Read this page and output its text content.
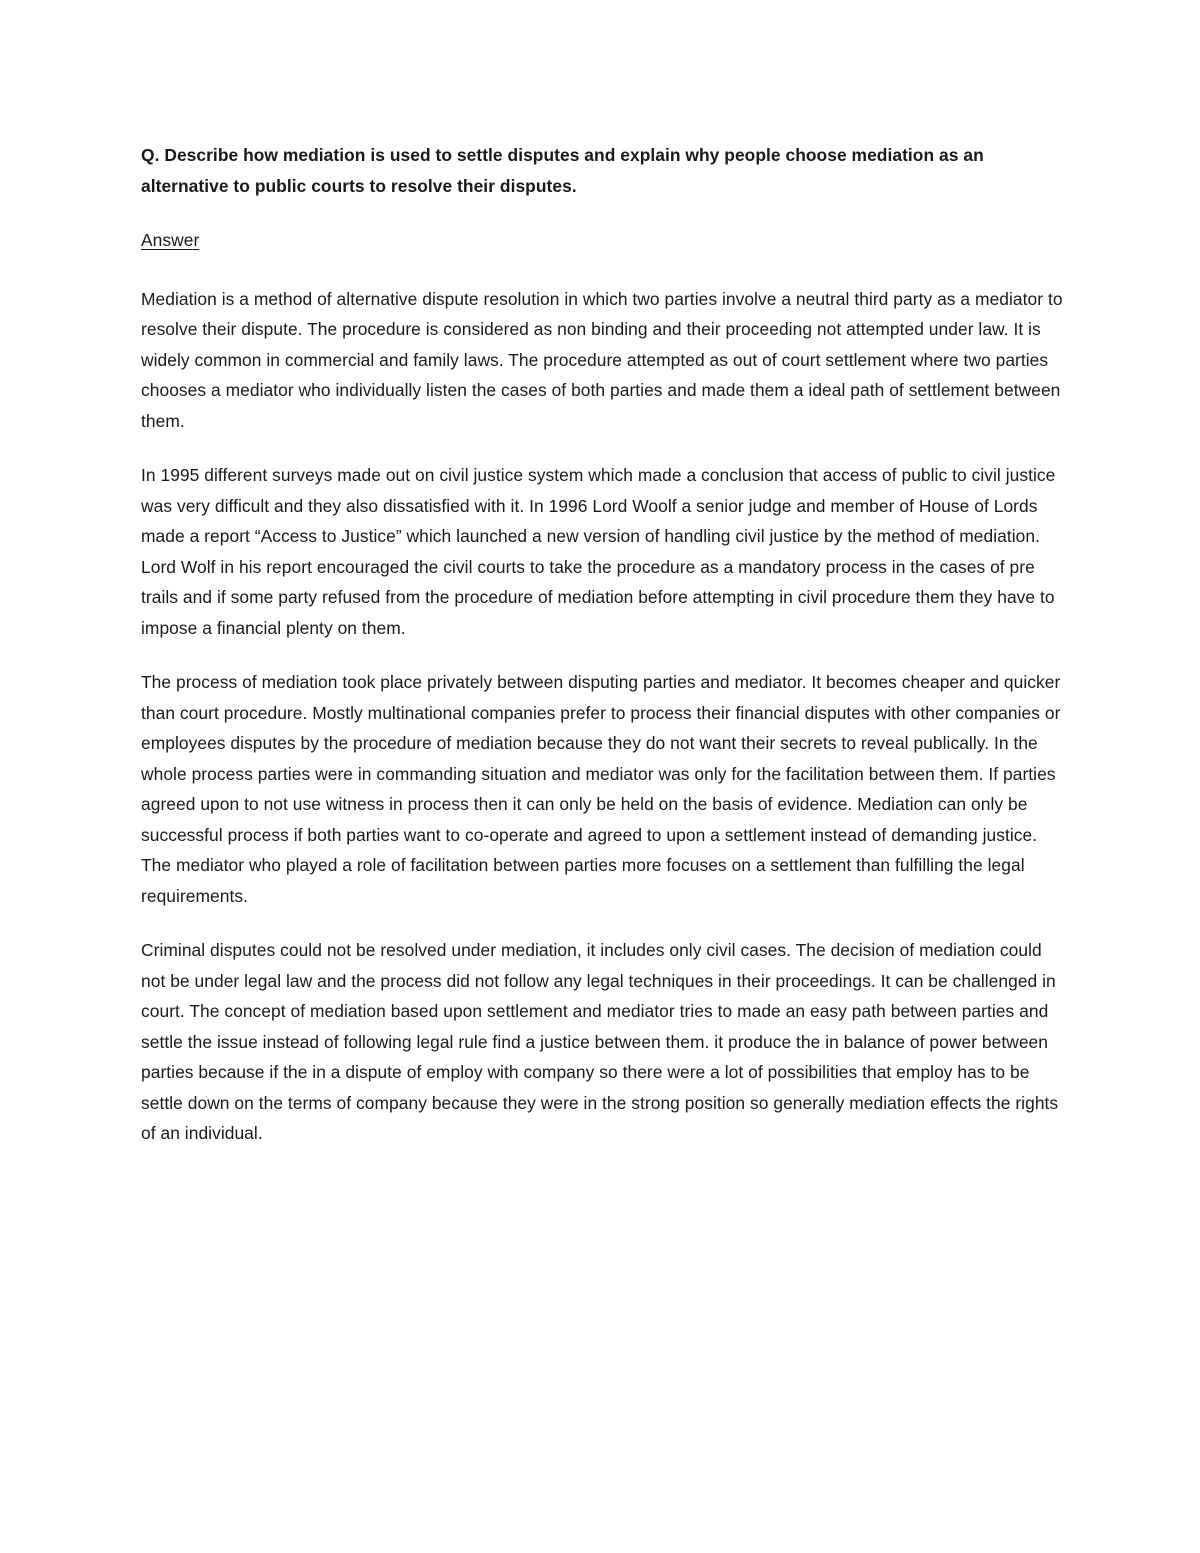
Q. Describe how mediation is used to settle disputes and explain why people choose mediation as an alternative to public courts to resolve their disputes.

Answer

Mediation is a method of alternative dispute resolution in which two parties involve a neutral third party as a mediator to resolve their dispute. The procedure is considered as non binding and their proceeding not attempted under law. It is widely common in commercial and family laws. The procedure attempted as out of court settlement where two parties chooses a mediator who individually listen the cases of both parties and made them a ideal path of settlement between them.

In 1995 different surveys made out on civil justice system which made a conclusion that access of public to civil justice was very difficult and they also dissatisfied with it. In 1996 Lord Woolf a senior judge and member of House of Lords made a report “Access to Justice” which launched a new version of handling civil justice by the method of mediation. Lord Wolf in his report encouraged the civil courts to take the procedure as a mandatory process in the cases of pre trails and if some party refused from the procedure of mediation before attempting in civil procedure them they have to impose a financial plenty on them.

The process of mediation took place privately between disputing parties and mediator. It becomes cheaper and quicker than court procedure. Mostly multinational companies prefer to process their financial disputes with other companies or employees disputes by the procedure of mediation because they do not want their secrets to reveal publically. In the whole process parties were in commanding situation and mediator was only for the facilitation between them. If parties agreed upon to not use witness in process then it can only be held on the basis of evidence. Mediation can only be successful process if both parties want to co-operate and agreed to upon a settlement instead of demanding justice. The mediator who played a role of facilitation between parties more focuses on a settlement than fulfilling the legal requirements.

Criminal disputes could not be resolved under mediation, it includes only civil cases. The decision of mediation could not be under legal law and the process did not follow any legal techniques in their proceedings. It can be challenged in court. The concept of mediation based upon settlement and mediator tries to made an easy path between parties and settle the issue instead of following legal rule find a justice between them. it produce the in balance of power between parties because if the in a dispute of employ with company so there were a lot of possibilities that employ has to be settle down on the terms of company because they were in the strong position so generally mediation effects the rights of an individual.
